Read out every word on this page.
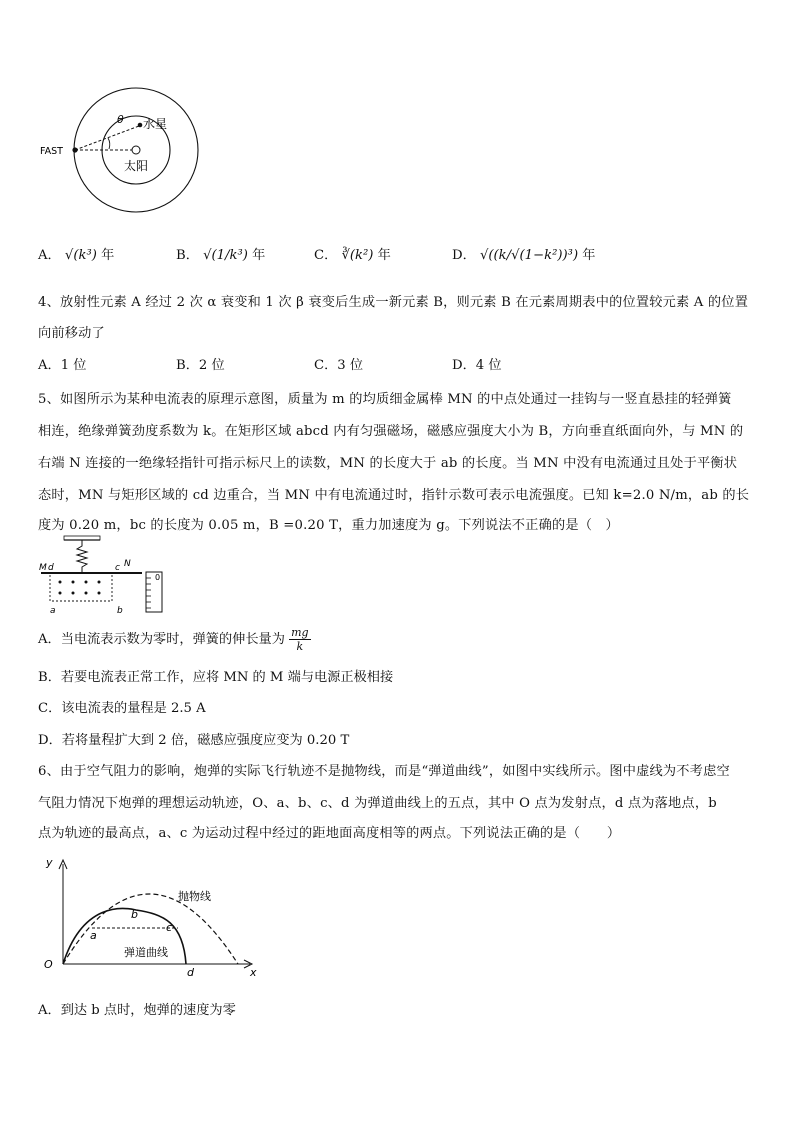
FAST
θ 水星
太阳
A． √(k³) 年	B． √(1/k³) 年	C． ∛(k²) 年	D． √((k/√(1−k²))³) 年
4、放射性元素 A 经过 2 次 α 衰变和 1 次 β 衰变后生成一新元素 B，则元素 B 在元素周期表中的位置较元素 A 的位置
向前移动了
A．1 位	B．2 位	C．3 位	D．4 位
5、如图所示为某种电流表的原理示意图，质量为 m 的均质细金属棒 MN 的中点处通过一挂钩与一竖直悬挂的轻弹簧
相连，绝缘弹簧劲度系数为 k。在矩形区域 abcd 内有匀强磁场，磁感应强度大小为 B，方向垂直纸面向外，与 MN 的
右端 N 连接的一绝缘轻指针可指示标尺上的读数，MN 的长度大于 ab 的长度。当 MN 中没有电流通过且处于平衡状
态时，MN 与矩形区域的 cd 边重合，当 MN 中有电流通过时，指针示数可表示电流强度。已知 k=2.0 N/m，ab 的长
度为 0.20 m，bc 的长度为 0.05 m，B =0.20 T，重力加速度为 g。下列说法不正确的是（　）
M d	c N
a	b
0
A．当电流表示数为零时，弹簧的伸长量为 $\frac{mg}{k}$
B．若要电流表正常工作，应将 MN 的 M 端与电源正极相接
C．该电流表的量程是 2.5 A
D．若将量程扩大到 2 倍，磁感应强度应变为 0.20 T
6、由于空气阻力的影响，炮弹的实际飞行轨迹不是抛物线，而是“弹道曲线”，如图中实线所示。图中虚线为不考虑空
气阻力情况下炮弹的理想运动轨迹，O、a、b、c、d 为弹道曲线上的五点，其中 O 点为发射点，d 点为落地点，b
点为轨迹的最高点，a、c 为运动过程中经过的距地面高度相等的两点。下列说法正确的是（　　）
y
x
O
a
b
c
d
抛物线
弹道曲线
A．到达 b 点时，炮弹的速度为零
